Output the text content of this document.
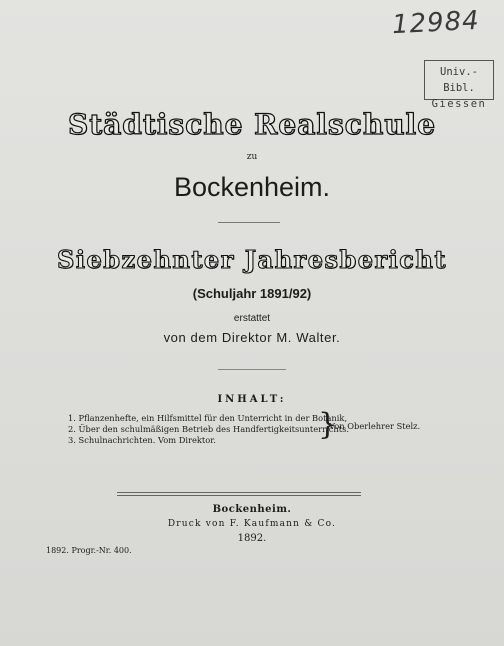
12984
Univ.-Bibl.
Giessen
Städtische Realschule
zu
Bockenheim.
Siebzehnter Jahresbericht
(Schuljahr 1891/92)
erstattet
von dem Direktor M. Walter.
INHALT:
1. Pflanzenhefte, ein Hilfsmittel für den Unterricht in der Botanik,
2. Über den schulmäßigen Betrieb des Handfertigkeitsunterrichts.
3. Schulnachrichten. Vom Direktor.	}
Von Oberlehrer Stelz.
Bockenheim.
Druck von F. Kaufmann & Co.
1892.
1892. Progr.-Nr. 400.
